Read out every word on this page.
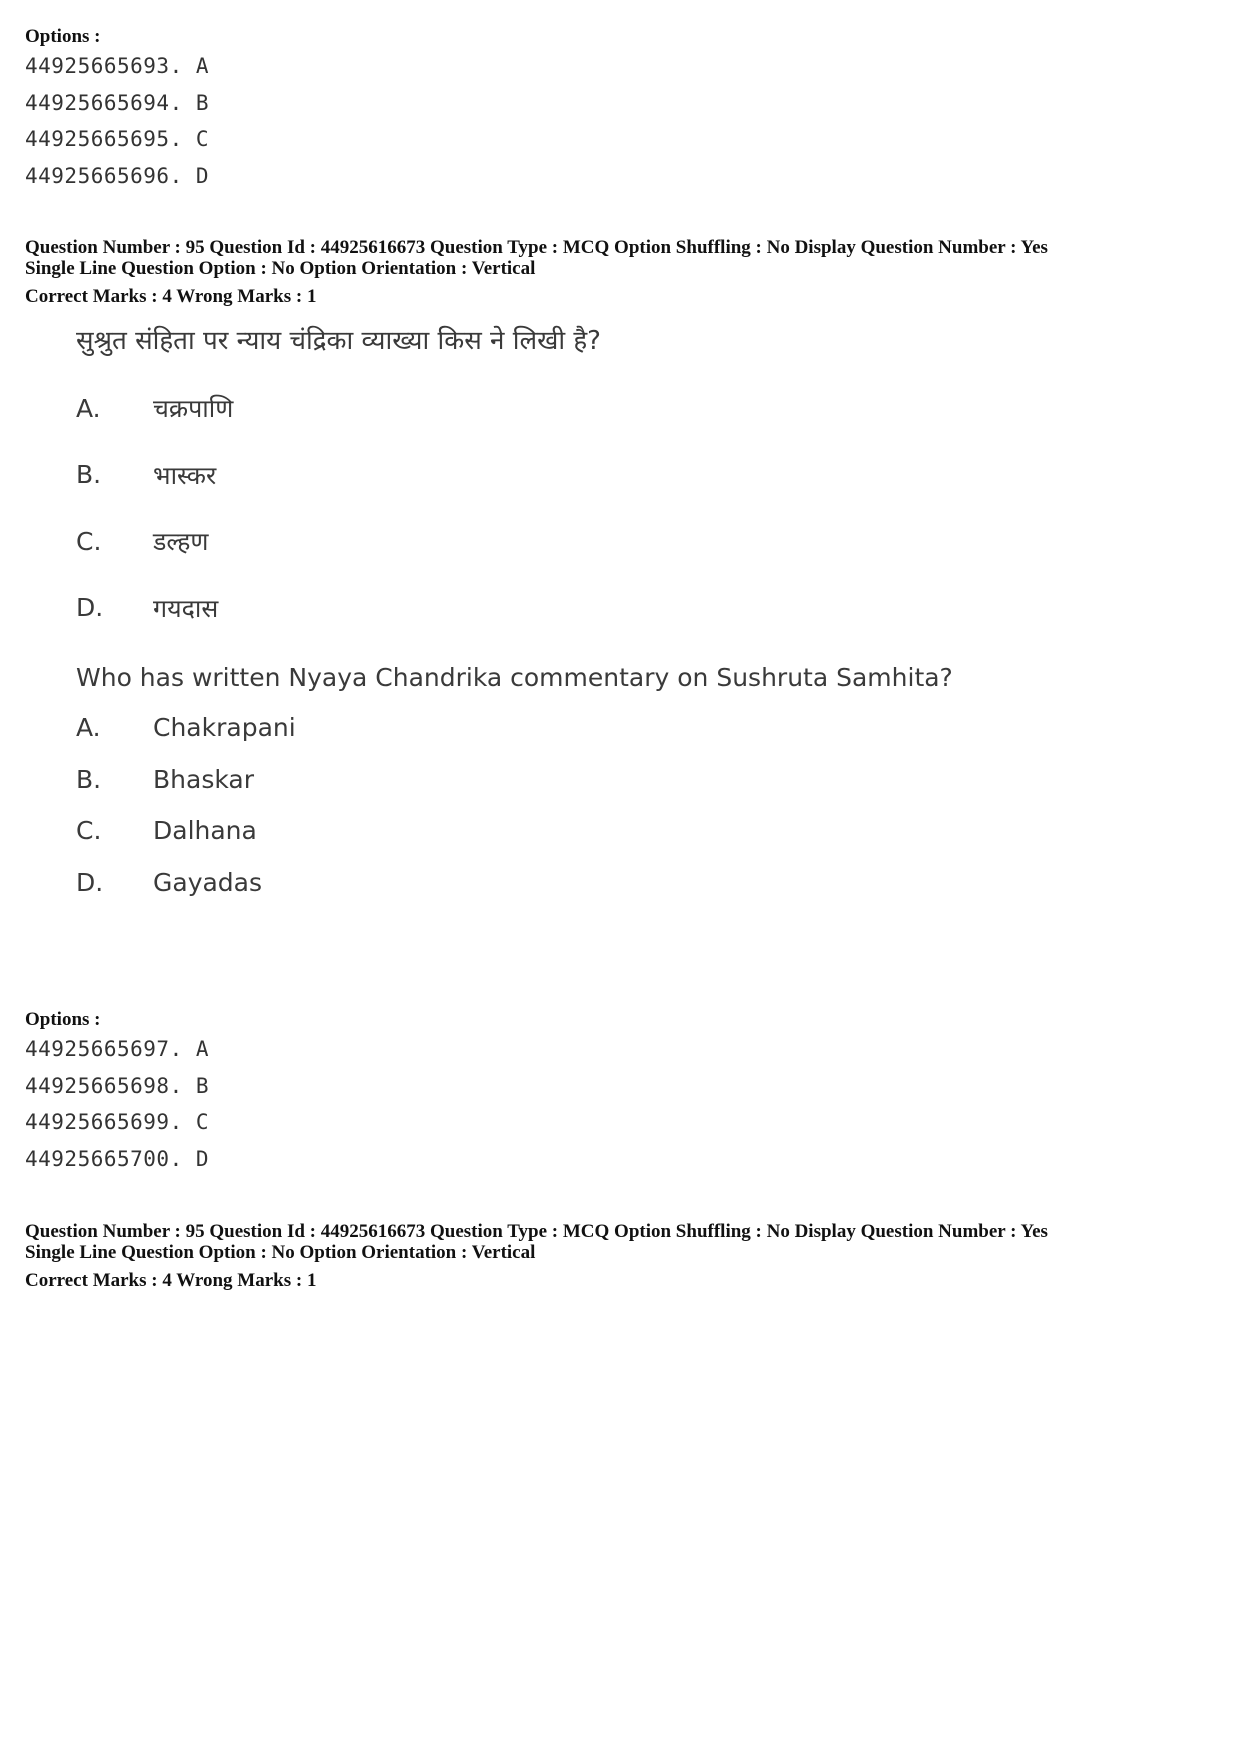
Options :

44925665693. A
44925665694. B
44925665695. C
44925665696. D

Question Number : 95 Question Id : 44925616673 Question Type : MCQ Option Shuffling : No Display Question Number : Yes

Single Line Question Option : No Option Orientation : Vertical

Correct Marks : 4 Wrong Marks : 1

सुश्रुत संहिता पर न्याय चंद्रिका व्याख्या किस ने लिखी है?

A.	चक्रपाणि
B.	भास्कर
C.	डल्हण
D.	गयदास

Who has written Nyaya Chandrika commentary on Sushruta Samhita?

A.	Chakrapani
B.	Bhaskar
C.	Dalhana
D.	Gayadas

Options :

44925665697. A
44925665698. B
44925665699. C
44925665700. D

Question Number : 95 Question Id : 44925616673 Question Type : MCQ Option Shuffling : No Display Question Number : Yes

Single Line Question Option : No Option Orientation : Vertical

Correct Marks : 4 Wrong Marks : 1
